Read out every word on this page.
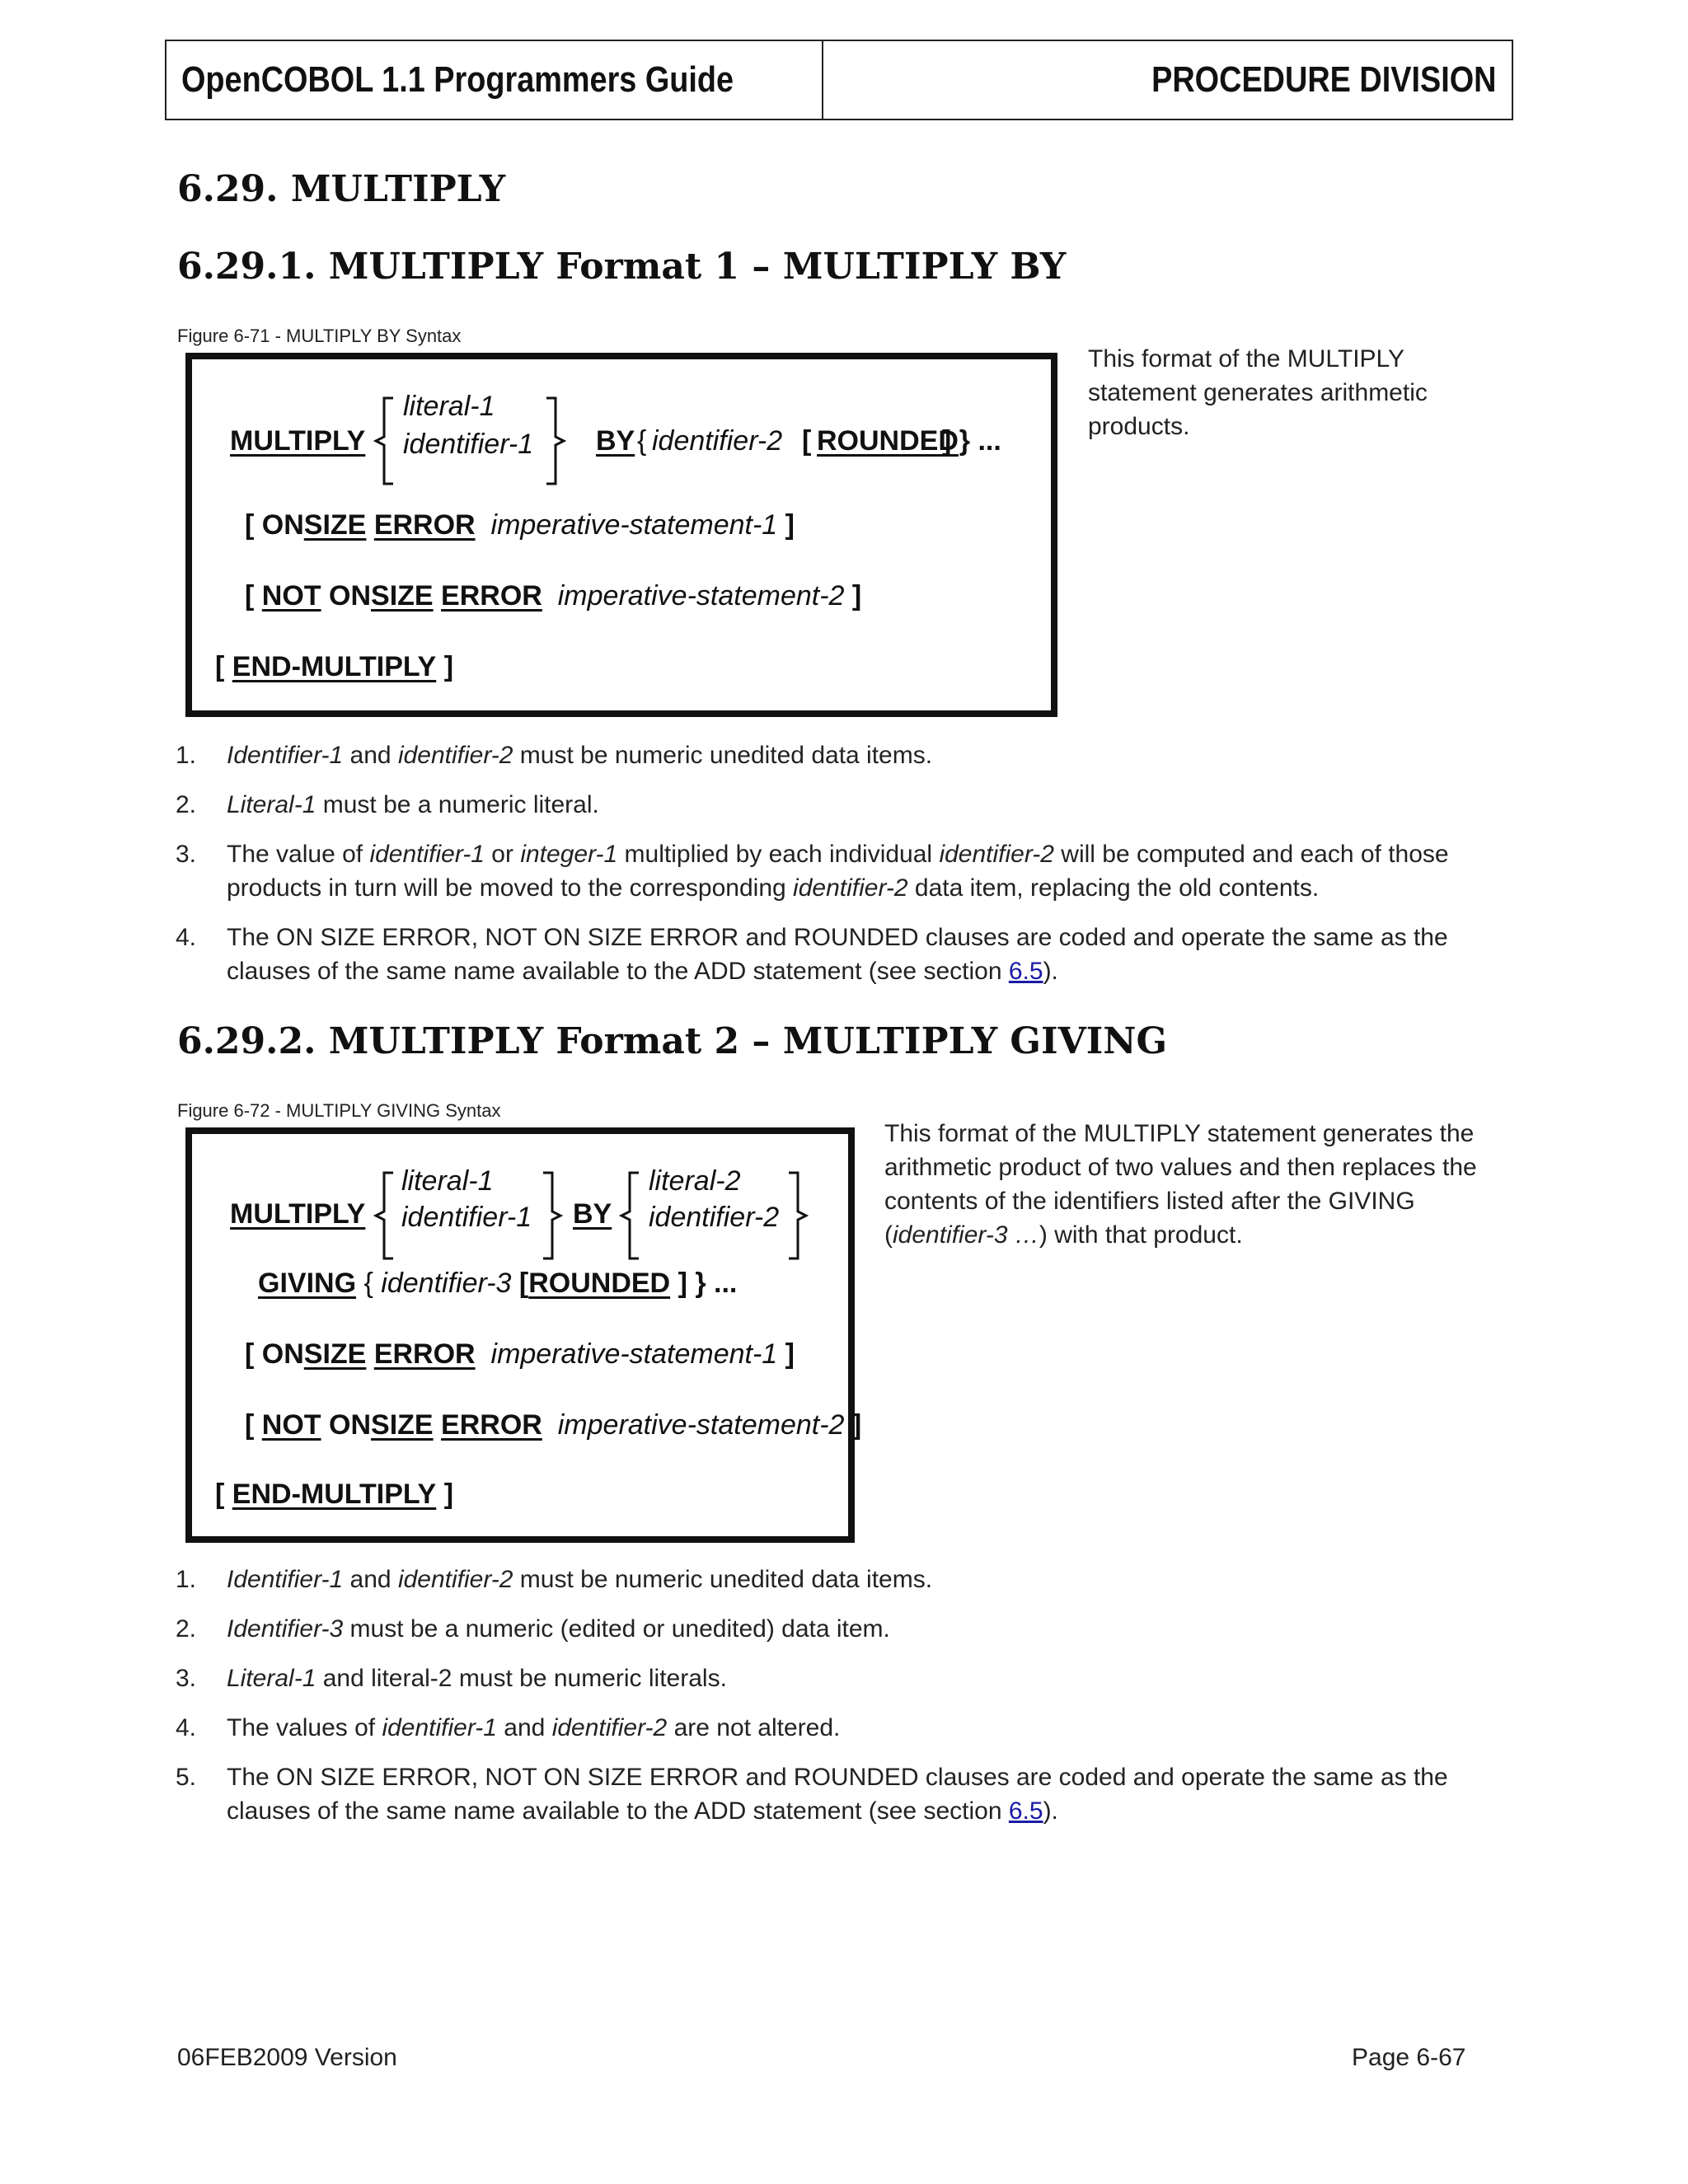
OpenCOBOL 1.1 Programmers Guide	PROCEDURE DIVISION
6.29. MULTIPLY
6.29.1. MULTIPLY Format 1 – MULTIPLY BY
Figure 6-71 - MULTIPLY BY Syntax
This format of the MULTIPLY statement generates arithmetic products.
MULTIPLY
literal-1
identifier-1 BY { identifier-2 [ ROUNDED
] } ...
[ ONSIZE ERROR imperative-statement-1 ]
[ NOT ONSIZE ERROR imperative-statement-2 ]
[ END-MULTIPLY ]
1. Identifier-1 and identifier-2 must be numeric unedited data items.
2. Literal-1 must be a numeric literal.
3. The value of identifier-1 or integer-1 multiplied by each individual identifier-2 will be computed and each of those products in turn will be moved to the corresponding identifier-2 data item, replacing the old contents.
4. The ON SIZE ERROR, NOT ON SIZE ERROR and ROUNDED clauses are coded and operate the same as the clauses of the same name available to the ADD statement (see section 6.5).
6.29.2. MULTIPLY Format 2 – MULTIPLY GIVING
Figure 6-72 - MULTIPLY GIVING Syntax
This format of the MULTIPLY statement generates the arithmetic product of two values and then replaces the contents of the identifiers listed after the GIVING (identifier-3 …) with that product.
MULTIPLY
literal-1
identifier-1 BY
literal-2
identifier-2
GIVING { identifier-3 [ROUNDED ] } ...
[ ONSIZE ERROR imperative-statement-1 ]
[ NOT ONSIZE ERROR imperative-statement-2 ]
[ END-MULTIPLY ]
1. Identifier-1 and identifier-2 must be numeric unedited data items.
2. Identifier-3 must be a numeric (edited or unedited) data item.
3. Literal-1 and literal-2 must be numeric literals.
4. The values of identifier-1 and identifier-2 are not altered.
5. The ON SIZE ERROR, NOT ON SIZE ERROR and ROUNDED clauses are coded and operate the same as the clauses of the same name available to the ADD statement (see section 6.5).
06FEB2009 Version	Page 6-67
